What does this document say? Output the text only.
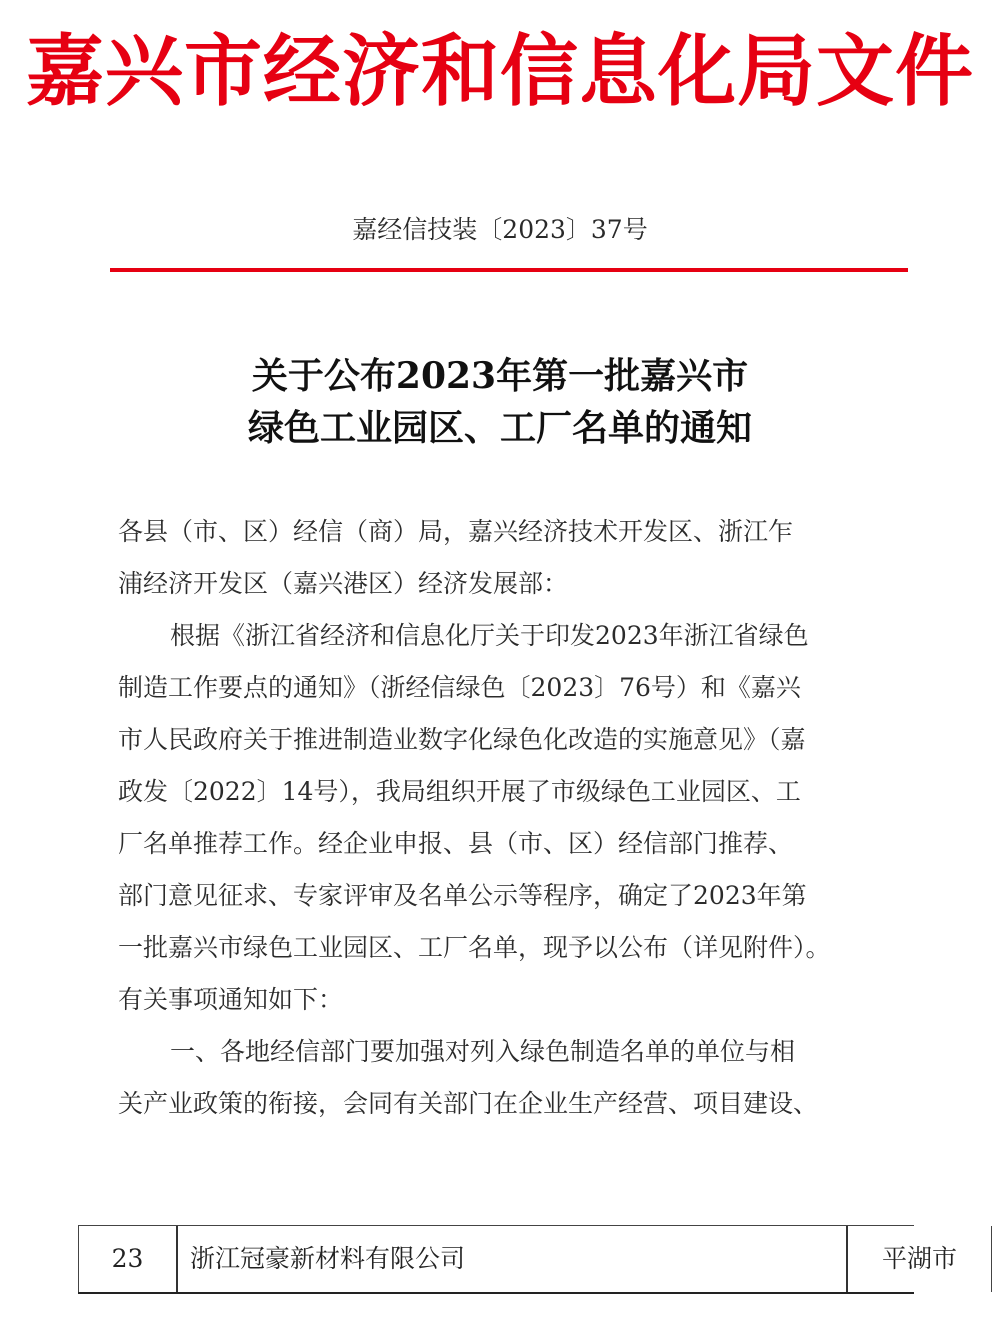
嘉兴市经济和信息化局文件
嘉经信技装〔2023〕37号
关于公布2023年第一批嘉兴市
绿色工业园区、工厂名单的通知
各县（市、区）经信（商）局，嘉兴经济技术开发区、浙江乍
浦经济开发区（嘉兴港区）经济发展部：
根据《浙江省经济和信息化厅关于印发2023年浙江省绿色
制造工作要点的通知》（浙经信绿色〔2023〕76号）和《嘉兴
市人民政府关于推进制造业数字化绿色化改造的实施意见》（嘉
政发〔2022〕14号），我局组织开展了市级绿色工业园区、工
厂名单推荐工作。经企业申报、县（市、区）经信部门推荐、
部门意见征求、专家评审及名单公示等程序，确定了2023年第
一批嘉兴市绿色工业园区、工厂名单，现予以公布（详见附件）。
有关事项通知如下：
一、各地经信部门要加强对列入绿色制造名单的单位与相
关产业政策的衔接，会同有关部门在企业生产经营、项目建设、
23	浙江冠豪新材料有限公司	平湖市
